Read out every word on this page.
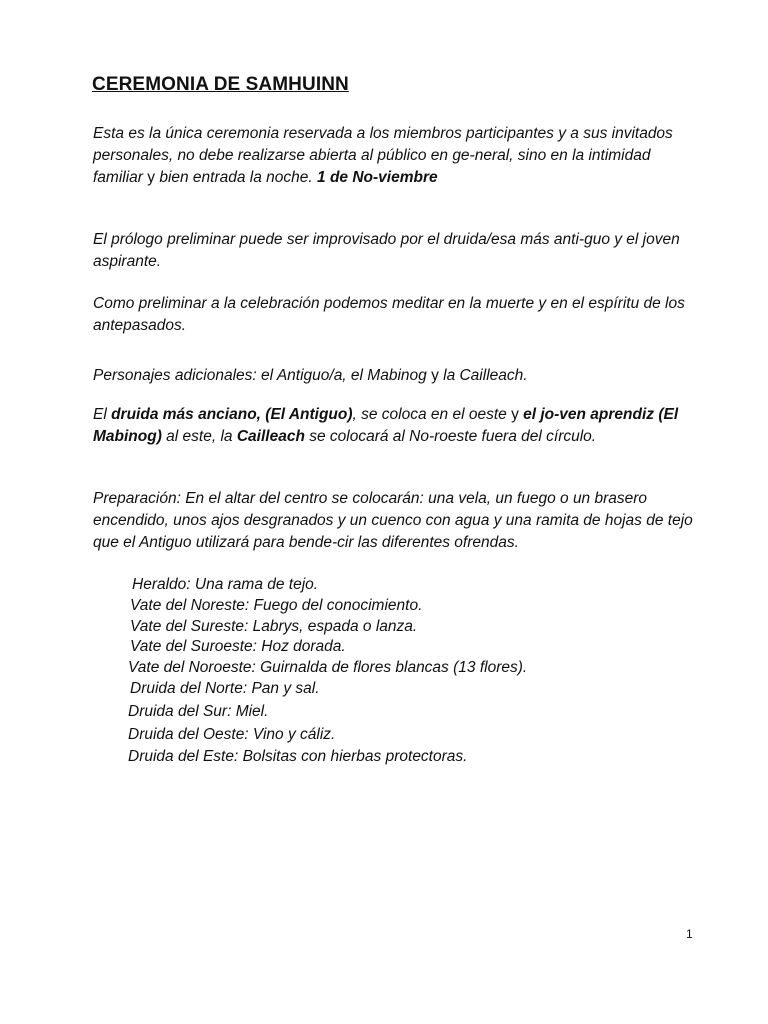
CEREMONIA DE SAMHUINN
Esta es la única ceremonia reservada a los miembros participantes y a sus invitados personales, no debe realizarse abierta al público en ge-neral, sino en la intimidad familiar y bien entrada la noche. 1 de No-viembre
El prólogo preliminar puede ser improvisado por el druida/esa más anti-guo y el joven aspirante.
Como preliminar a la celebración podemos meditar en la muerte y en el espíritu de los antepasados.
Personajes adicionales: el Antiguo/a, el Mabinog y la Cailleach.
El druida más anciano, (El Antiguo), se coloca en el oeste y el jo-ven aprendiz (El Mabinog) al este, la Cailleach se colocará al No-roeste fuera del círculo.
Preparación: En el altar del centro se colocarán: una vela, un fuego o un brasero encendido, unos ajos desgranados y un cuenco con agua y una ramita de hojas de tejo que el Antiguo utilizará para bende-cir las diferentes ofrendas.
Heraldo: Una rama de tejo.
Vate del Noreste: Fuego del conocimiento.
Vate del Sureste: Labrys, espada o lanza.
Vate del Suroeste: Hoz dorada.
Vate del Noroeste: Guirnalda de flores blancas (13 flores).
Druida del Norte: Pan y sal.
Druida del Sur: Miel.
Druida del Oeste: Vino y cáliz.
Druida del Este: Bolsitas con hierbas protectoras.
1
